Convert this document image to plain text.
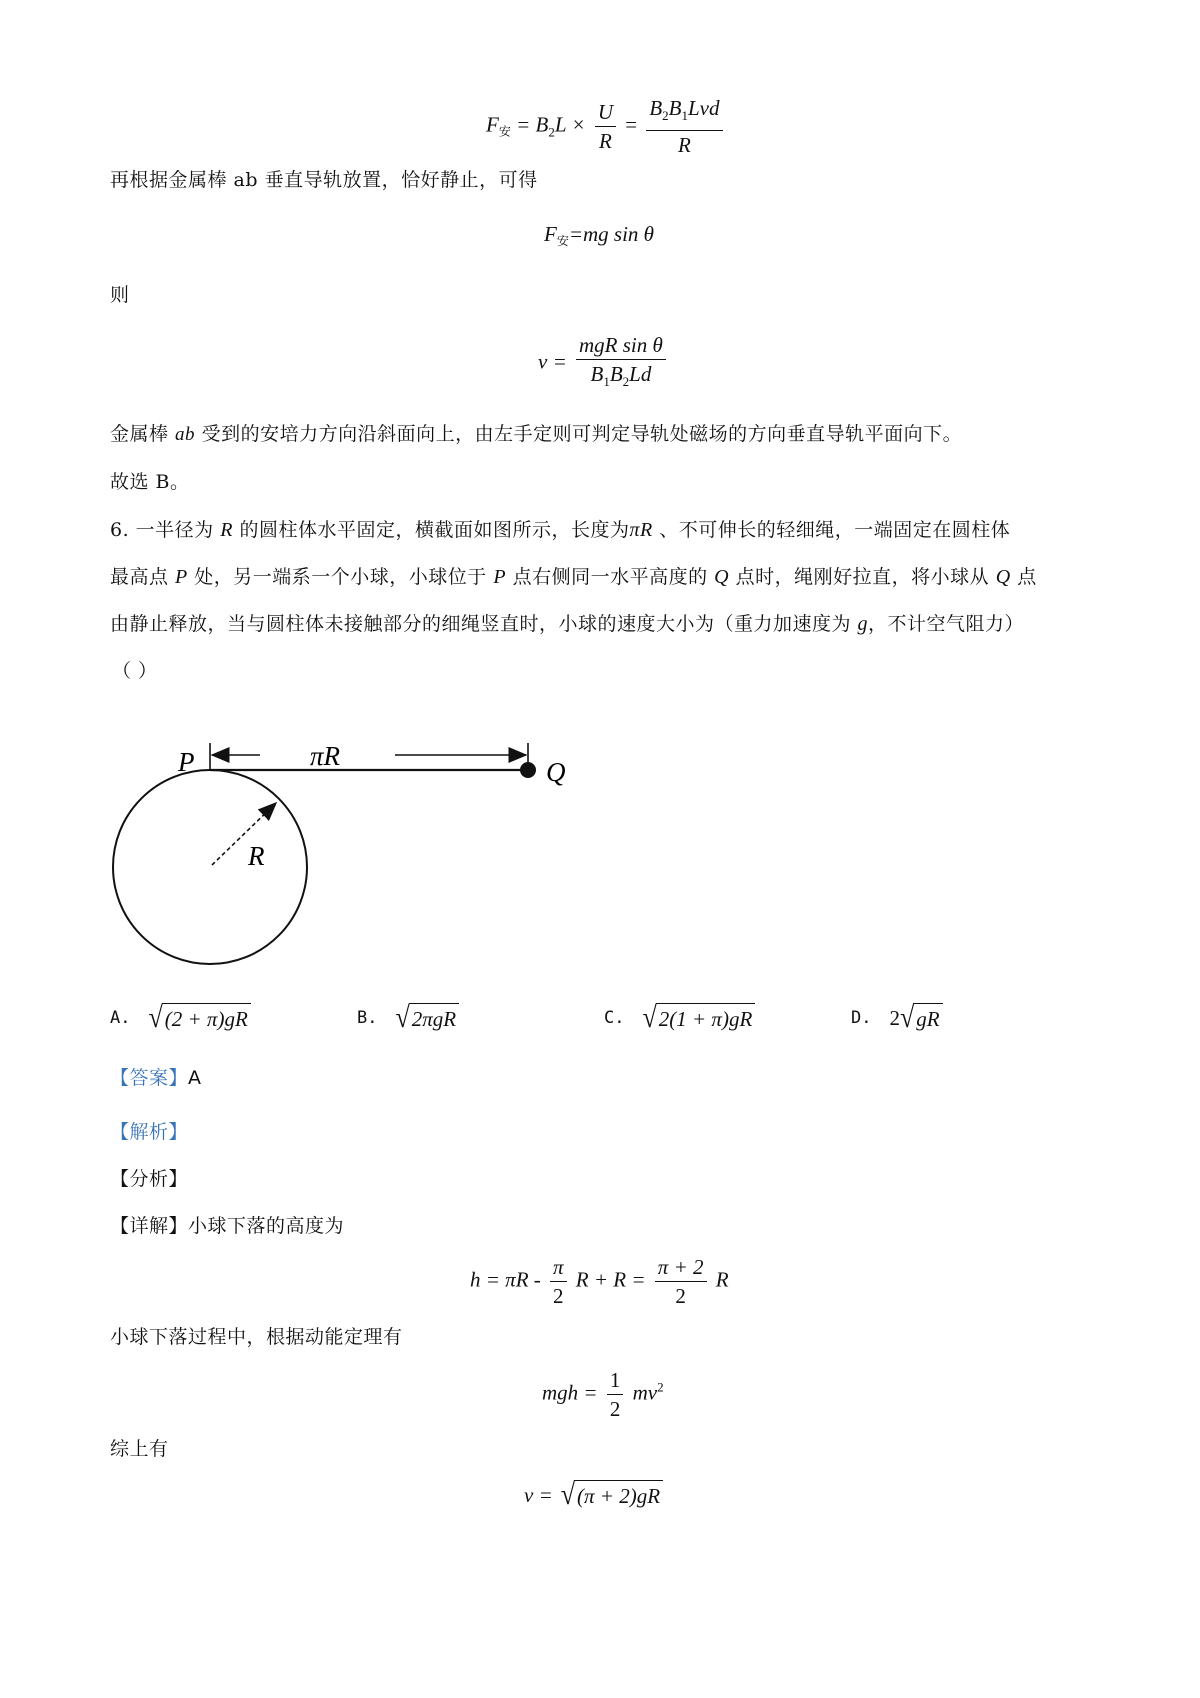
F安 = $B_2L \times \frac{U}{R} = \frac{B_2B_1Lvd}{R}$
再根据金属棒 ab 垂直导轨放置，恰好静止，可得
F安=mg sin θ
则
$v = \frac{\text{mgR sin θ}}{B_1B_2Ld}$
金属棒 ab 受到的安培力方向沿斜面向上，由左手定则可判定导轨处磁场的方向垂直导轨平面向下。
故选 B。
6. 一半径为 R 的圆柱体水平固定，横截面如图所示，长度为πR 、不可伸长的轻细绳，一端固定在圆柱体
最高点 P 处，另一端系一个小球，小球位于 P 点右侧同一水平高度的 Q 点时，绳刚好拉直，将小球从 Q 点
由静止释放，当与圆柱体未接触部分的细绳竖直时，小球的速度大小为（重力加速度为 g，不计空气阻力）
（ ）
P	Q
πR
R
A. √ (2 + π)gR	B. √ 2πgR	C. √ 2(1 + π)gR	D. 2 √ gR
【答案】A
【解析】
【分析】
【详解】小球下落的高度为
$h = \pi R - \frac{\pi}{2}$ $R + R = \frac{\pi + 2}{2}$ R
小球下落过程中，根据动能定理有
mgh = $\frac{1}{2} mv^2$
综上有
v = √ (π + 2)gR
